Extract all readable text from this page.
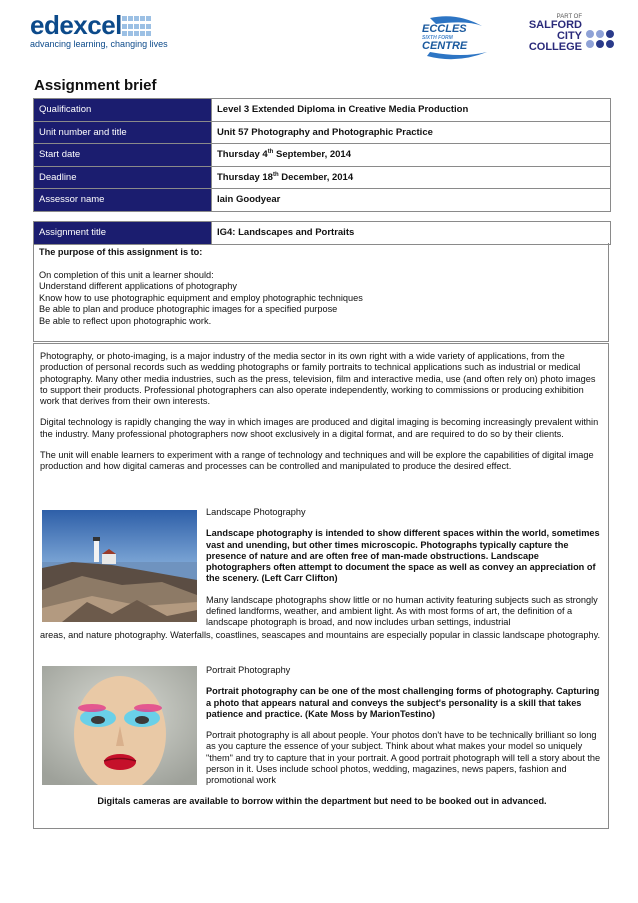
edexcel
advancing learning, changing lives
ECCLES
SIXTH FORM
CENTRE
PART OF
SALFORD
CITY
COLLEGE
Assignment brief
Qualification	Level 3 Extended Diploma in Creative Media Production
Unit number and title	Unit 57 Photography and Photographic Practice
Start date	Thursday 4th September, 2014
Deadline	Thursday 18th December, 2014
Assessor name	Iain Goodyear
Assignment title	IG4: Landscapes and Portraits
The purpose of this assignment is to:
On completion of this unit a learner should:
Understand different applications of photography
Know how to use photographic equipment and employ photographic techniques
Be able to plan and produce photographic images for a specified purpose
Be able to reflect upon photographic work.

Photography, or photo-imaging, is a major industry of the media sector in its own right with a wide variety of applications, from the production of personal records such as wedding photographs or family portraits to technical applications such as industrial or medical photography. Many other media industries, such as the press, television, film and interactive media, use (and often rely on) photo images to support their products. Professional photographers can also operate independently, working to commissions or producing exhibition work that derives from their own interests.

Digital technology is rapidly changing the way in which images are produced and digital imaging is becoming increasingly prevalent within the industry. Many professional photographers now shoot exclusively in a digital format, and are required to do so by their clients.

The unit will enable learners to experiment with a range of technology and techniques and will be explore the capabilities of digital image production and how digital cameras and processes can be controlled and manipulated to produce the desired effect.

Landscape Photography

Landscape photography is intended to show different spaces within the world, sometimes vast and unending, but other times microscopic. Photographs typically capture the presence of nature and are often free of man-made obstructions. Landscape photographers often attempt to document the space as well as convey an appreciation of the scenery. (Left Carr Clifton)

Many landscape photographs show little or no human activity featuring subjects such as strongly defined landforms, weather, and ambient light. As with most forms of art, the definition of a landscape photograph is broad, and now includes urban settings, industrial

areas, and nature photography. Waterfalls, coastlines, seascapes and mountains are especially popular in classic landscape photography.

Portrait Photography

Portrait photography can be one of the most challenging forms of photography. Capturing a photo that appears natural and conveys the subject's personality is a skill that takes patience and practice. (Kate Moss by MarionTestino)

Portrait photography is all about people. Your photos don't have to be technically brilliant so long as you capture the essence of your subject. Think about what makes your model so uniquely "them" and try to capture that in your portrait. A good portrait photograph will tell a story about the person in it. Uses include school photos, wedding, magazines, news papers, fashion and promotional work

Digitals cameras are available to borrow within the department but need to be booked out in advanced.
